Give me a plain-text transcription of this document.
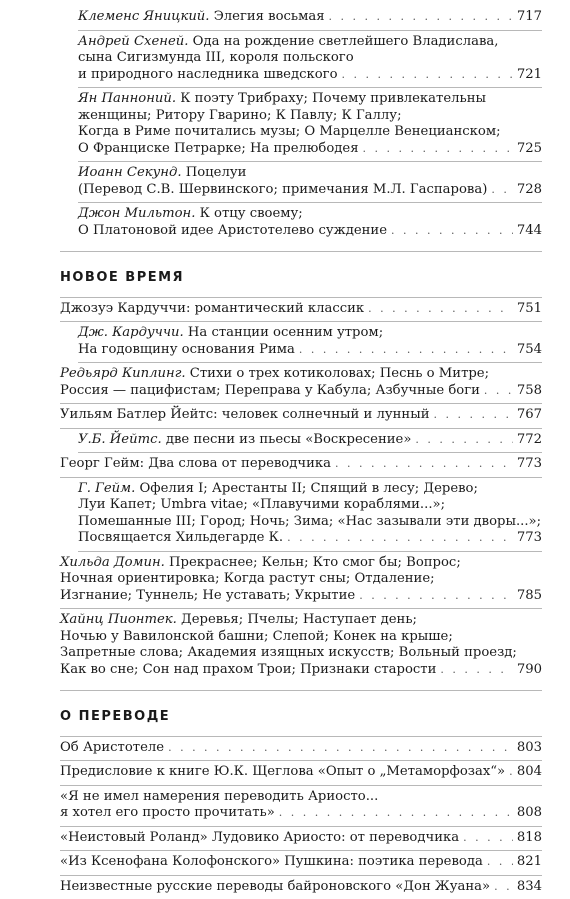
Клеменс Яницкий. Элегия восьмая . . .	717
Андрей Схеней. Ода на рождение светлейшего Владислава,
сына Сигизмунда III, короля польского
и природного наследника шведского . . .	721
Ян Панноний. К поэту Трибраху; Почему привлекательны
женщины; Ритору Гварино; К Павлу; К Галлу;
Когда в Риме почитались музы; О Марцелле Венецианском;
О Франциске Петрарке; На прелюбодея . . .	725
Иоанн Секунд. Поцелуи
(Перевод С.В. Шервинского; примечания М.Л. Гаспарова) . . . 728
Джон Мильтон. К отцу своему;
О Платоновой идее Аристотелево суждение . . .	744
НОВОЕ ВРЕМЯ
Джозуэ Кардуччи: романтический классик . . .	751
Дж. Кардуччи. На станции осенним утром;
На годовщину основания Рима . . .	754
Редьярд Киплинг. Стихи о трех котиколовах; Песнь о Митре;
Россия — пацифистам; Переправа у Кабула; Азбучные боги . . .	758
Уильям Батлер Йейтс: человек солнечный и лунный . . .	767
У.Б. Йейтс. две песни из пьесы «Воскресение» . . .	772
Георг Гейм: Два слова от переводчика . . .	773
Г. Гейм. Офелия I; Арестанты II; Спящий в лесу; Дерево;
Луи Капет; Umbra vitae; «Плавучими кораблями...»;
Помешанные III; Город; Ночь; Зима; «Нас зазывали эти дворы...»;
Посвящается Хильдегарде К. . . .	773
Хильда Домин. Прекраснее; Кельн; Кто смог бы; Вопрос;
Ночная ориентировка; Когда растут сны; Отдаление;
Изгнание; Туннель; Не уставать; Укрытие . . .	785
Хайнц Пионтек. Деревья; Пчелы; Наступает день;
Ночью у Вавилонской башни; Слепой; Конек на крыше;
Запретные слова; Академия изящных искусств; Вольный проезд;
Как во сне; Сон над прахом Трои; Признаки старости . . .	790
О ПЕРЕВОДЕ
Об Аристотеле . . .	803
Предисловие к книге Ю.К. Щеглова «Опыт о „Метаморфозах“» . . . 804
«Я не имел намерения переводить Ариосто...
я хотел его просто прочитать» . . .	808
«Неистовый Роланд» Лудовико Ариосто: от переводчика . . .	818
«Из Ксенофана Колофонского» Пушкина: поэтика перевода . . .	821
Неизвестные русские переводы байроновского «Дон Жуана» . . . 834
